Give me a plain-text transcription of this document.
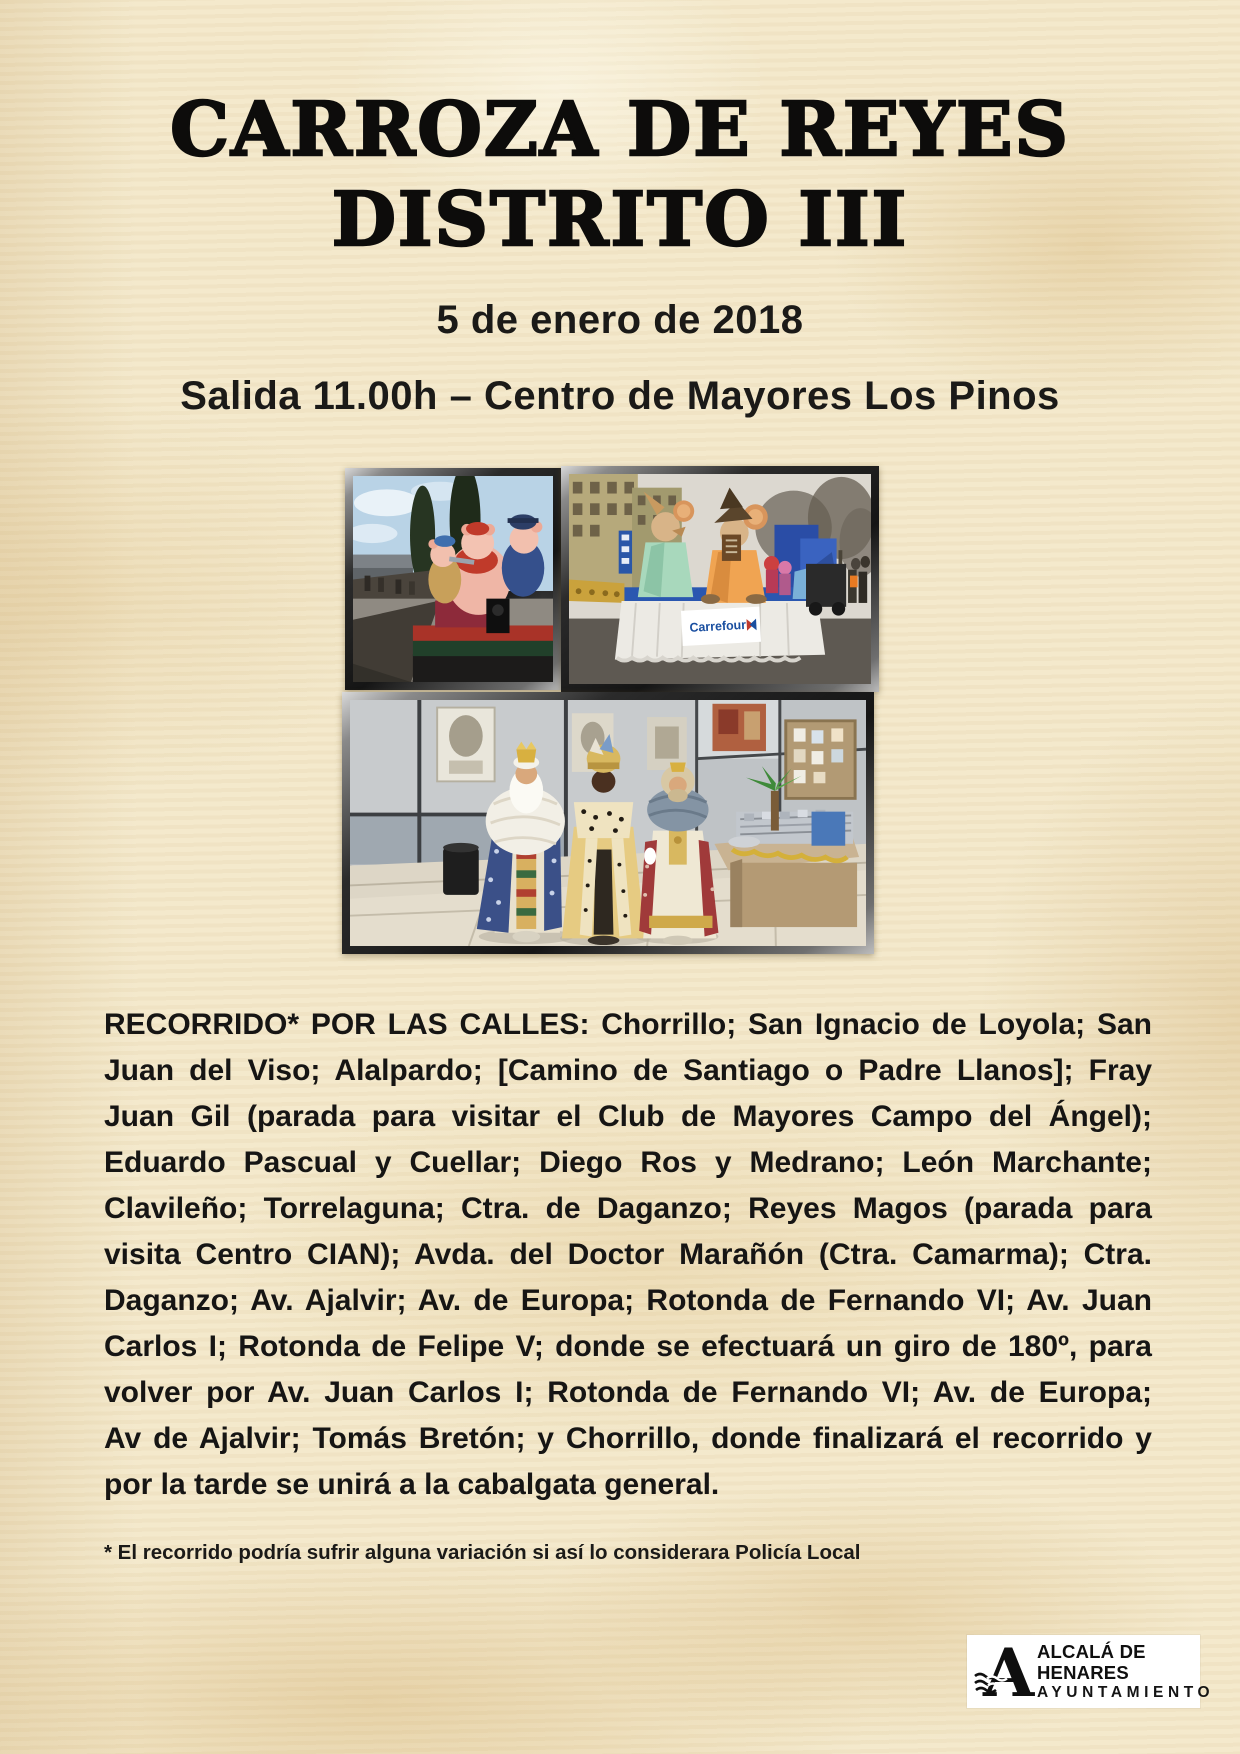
CARROZA DE REYES
DISTRITO III
5 de enero de 2018
Salida 11.00h – Centro de Mayores Los Pinos
Carrefour
RECORRIDO* POR LAS CALLES: Chorrillo; San Ignacio de Loyola; San
Juan del Viso; Alalpardo; [Camino de Santiago o Padre Llanos]; Fray
Juan Gil (parada para visitar el Club de Mayores Campo del Ángel);
Eduardo Pascual y Cuellar; Diego Ros y Medrano; León Marchante;
Clavileño; Torrelaguna; Ctra. de Daganzo; Reyes Magos (parada para
visita Centro CIAN); Avda. del Doctor Marañón (Ctra. Camarma); Ctra.
Daganzo; Av. Ajalvir; Av. de Europa; Rotonda de Fernando VI; Av. Juan
Carlos I; Rotonda de Felipe V; donde se efectuará un giro de 180º, para
volver por Av. Juan Carlos I; Rotonda de Fernando VI; Av. de Europa;
Av de Ajalvir; Tomás Bretón; y Chorrillo, donde finalizará el recorrido y
por la tarde se unirá a la cabalgata general.
* El recorrido podría sufrir alguna variación si así lo considerara Policía Local
A ALCALÁ DE HENARES
AYUNTAMIENTO
